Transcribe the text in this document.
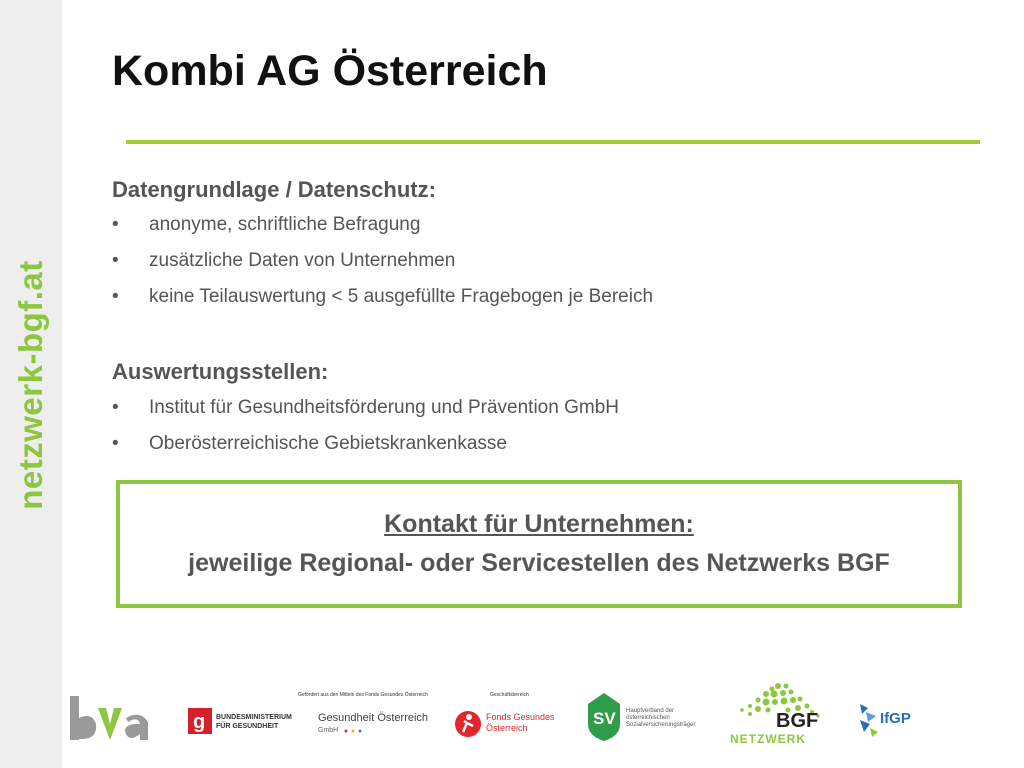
netzwerk-bgf.at
Kombi AG Österreich
Datengrundlage / Datenschutz:
• anonyme, schriftliche Befragung
• zusätzliche Daten von Unternehmen
• keine Teilauswertung < 5 ausgefüllte Fragebogen je Bereich
Auswertungsstellen:
• Institut für Gesundheitsförderung und Prävention GmbH
• Oberösterreichische Gebietskrankenkasse
Kontakt für Unternehmen:
jeweilige Regional- oder Servicestellen des Netzwerks BGF
g BUNDESMINISTERIUM
FÜR GESUNDHEIT
Gefördert aus den Mitteln des Fonds Gesundes Österreich
Gesundheit Österreich
GmbH
Geschäftsbereich
Fonds Gesundes
Österreich	SV Hauptverband der
österreichischen
Sozialversicherungsträger	BGF
NETZWERK
IfGP
